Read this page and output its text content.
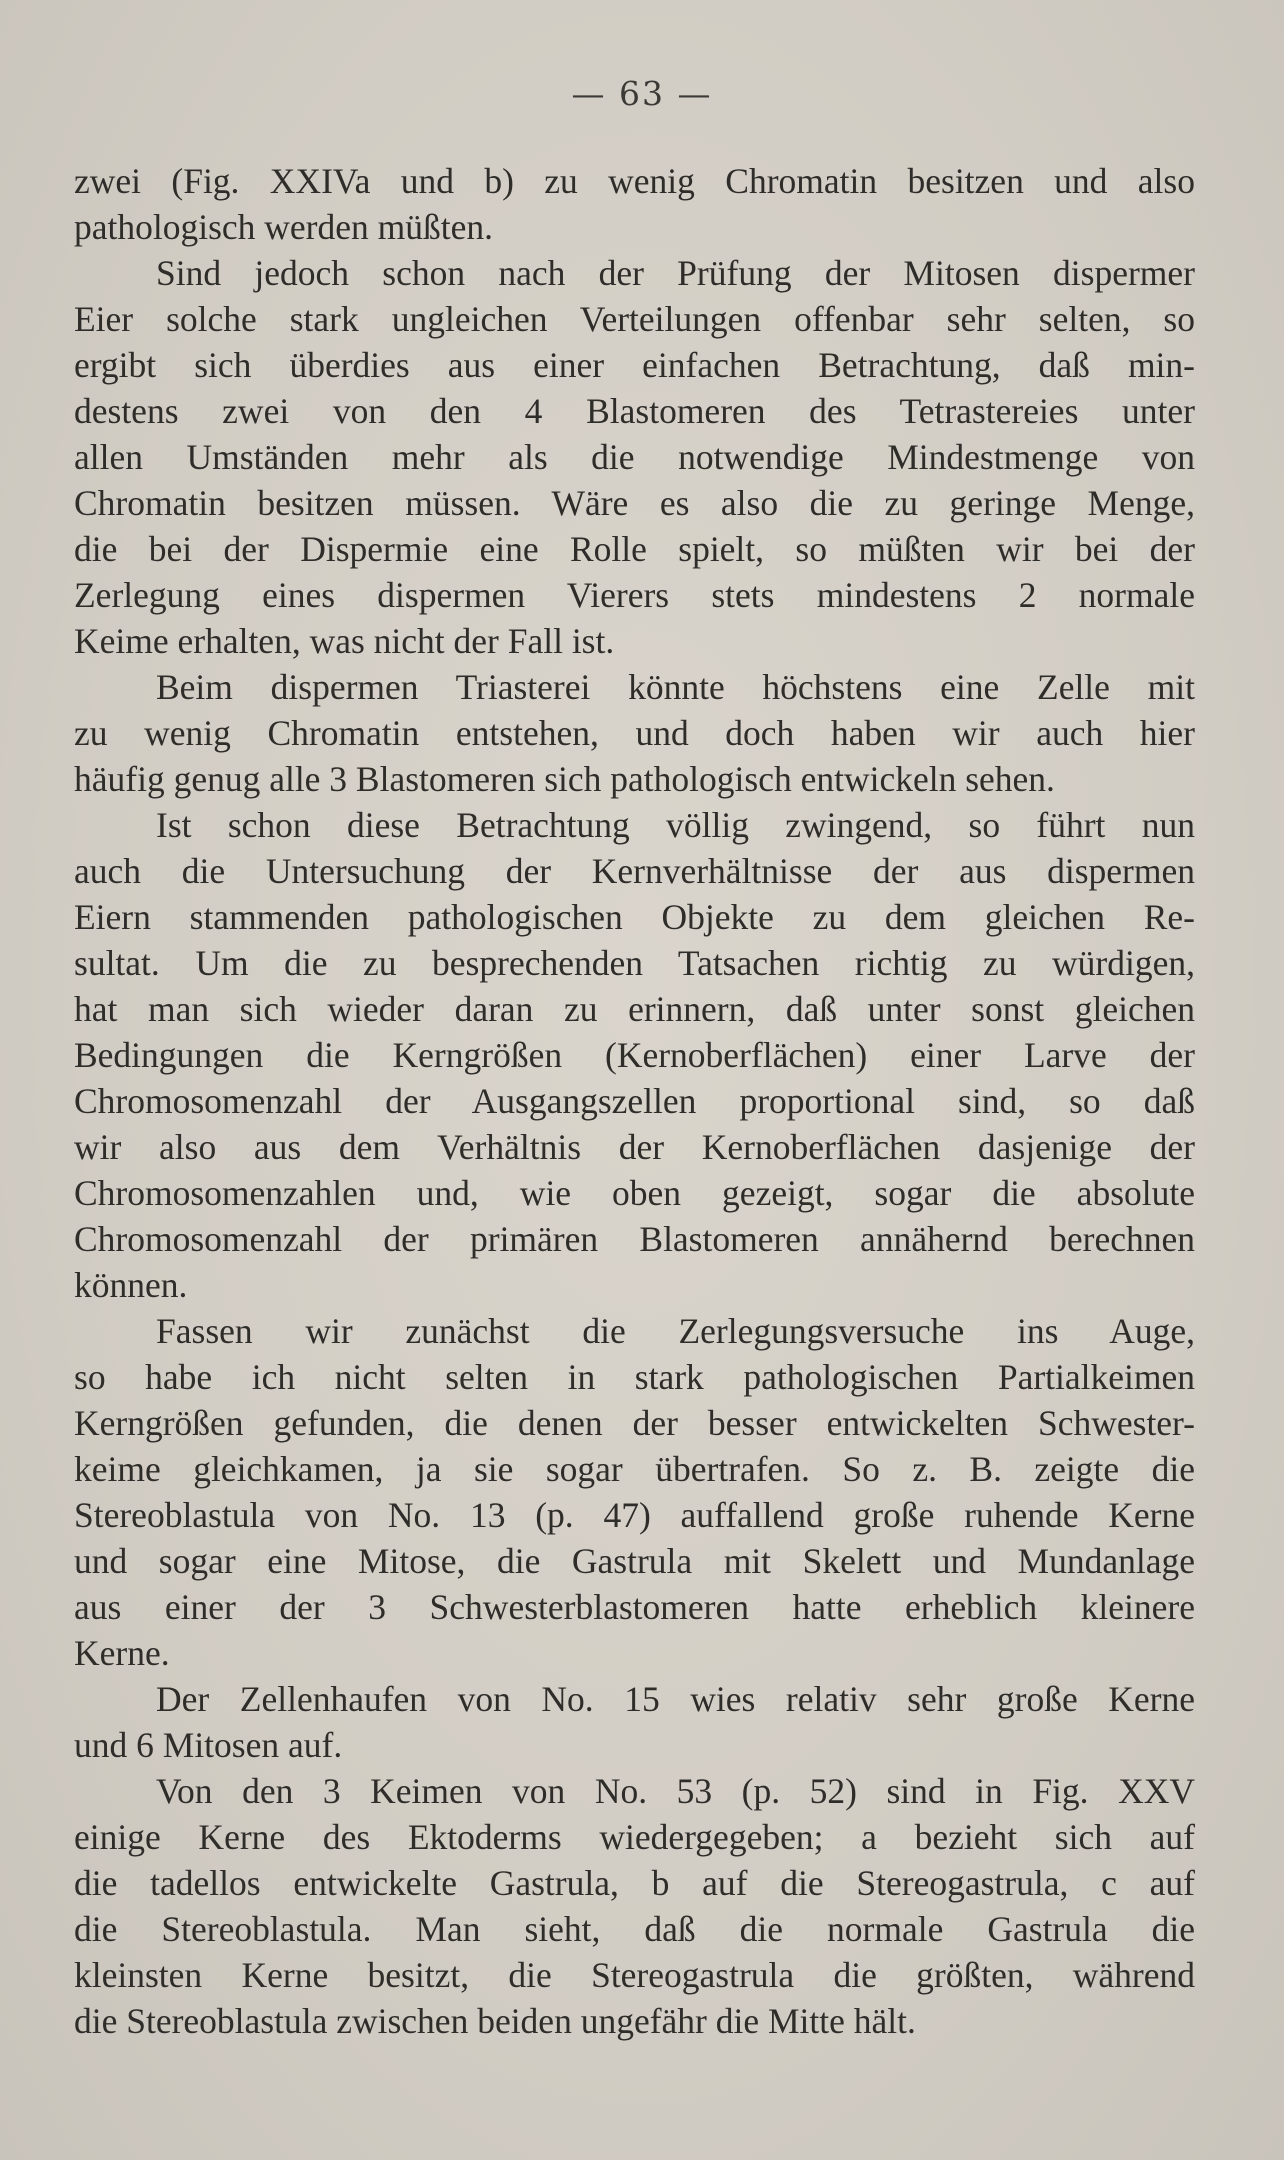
— 63 —
zwei (Fig. XXIVa und b) zu wenig Chromatin besitzen und also
pathologisch werden müßten.
Sind jedoch schon nach der Prüfung der Mitosen dispermer
Eier solche stark ungleichen Verteilungen offenbar sehr selten, so
ergibt sich überdies aus einer einfachen Betrachtung, daß min-
destens zwei von den 4 Blastomeren des Tetrastereies unter
allen Umständen mehr als die notwendige Mindestmenge von
Chromatin besitzen müssen. Wäre es also die zu geringe Menge,
die bei der Dispermie eine Rolle spielt, so müßten wir bei der
Zerlegung eines dispermen Vierers stets mindestens 2 normale
Keime erhalten, was nicht der Fall ist.
Beim dispermen Triasterei könnte höchstens eine Zelle mit
zu wenig Chromatin entstehen, und doch haben wir auch hier
häufig genug alle 3 Blastomeren sich pathologisch entwickeln sehen.
Ist schon diese Betrachtung völlig zwingend, so führt nun
auch die Untersuchung der Kernverhältnisse der aus dispermen
Eiern stammenden pathologischen Objekte zu dem gleichen Re-
sultat. Um die zu besprechenden Tatsachen richtig zu würdigen,
hat man sich wieder daran zu erinnern, daß unter sonst gleichen
Bedingungen die Kerngrößen (Kernoberflächen) einer Larve der
Chromosomenzahl der Ausgangszellen proportional sind, so daß
wir also aus dem Verhältnis der Kernoberflächen dasjenige der
Chromosomenzahlen und, wie oben gezeigt, sogar die absolute
Chromosomenzahl der primären Blastomeren annähernd berechnen
können.
Fassen wir zunächst die Zerlegungsversuche ins Auge,
so habe ich nicht selten in stark pathologischen Partialkeimen
Kerngrößen gefunden, die denen der besser entwickelten Schwester-
keime gleichkamen, ja sie sogar übertrafen. So z. B. zeigte die
Stereoblastula von No. 13 (p. 47) auffallend große ruhende Kerne
und sogar eine Mitose, die Gastrula mit Skelett und Mundanlage
aus einer der 3 Schwesterblastomeren hatte erheblich kleinere
Kerne.
Der Zellenhaufen von No. 15 wies relativ sehr große Kerne
und 6 Mitosen auf.
Von den 3 Keimen von No. 53 (p. 52) sind in Fig. XXV
einige Kerne des Ektoderms wiedergegeben; a bezieht sich auf
die tadellos entwickelte Gastrula, b auf die Stereogastrula, c auf
die Stereoblastula. Man sieht, daß die normale Gastrula die
kleinsten Kerne besitzt, die Stereogastrula die größten, während
die Stereoblastula zwischen beiden ungefähr die Mitte hält.
